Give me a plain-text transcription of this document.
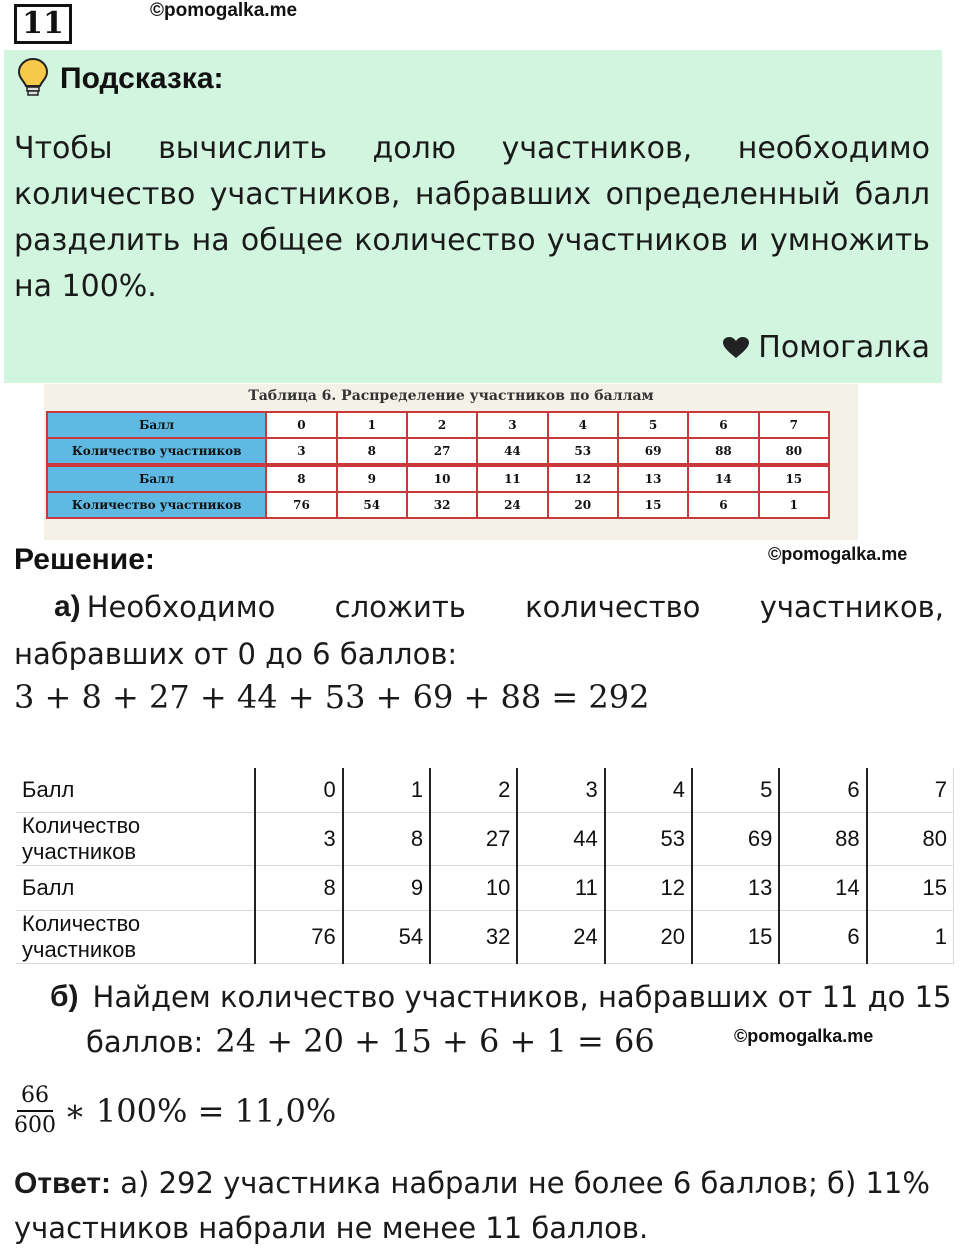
11	©pomogalka.me
Подсказка:
Чтобы вычислить долю участников, необходимо количество участников, набравших определенный балл разделить на общее количество участников и умножить на 100%.
Помогалка
Таблица 6. Распределение участников по баллам
Балл	0	1	2	3	4	5	6	7
Количество участников	3	8	27	44	53	69	88	80
Балл	8	9	10	11	12	13	14	15
Количество участников	76	54	32	24	20	15	6	1
Решение:	©pomogalka.me
а) Необходимо сложить количество участников,
набравших от 0 до 6 баллов:
3 + 8 + 27 + 44 + 53 + 69 + 88 = 292
Балл	0	1	2	3	4	5	6	7
Количество участников	3	8	27	44	53	69	88	80
Балл	8	9	10	11	12	13	14	15
Количество участников	76	54	32	24	20	15	6	1
б) Найдем количество участников, набравших от 11 до 15
баллов: 24 + 20 + 15 + 6 + 1 = 66	©pomogalka.me
$\frac{66}{600}$ ∗ 100% = 11,0%
Ответ: а) 292 участника набрали не более 6 баллов; б) 11%
участников набрали не менее 11 баллов.
